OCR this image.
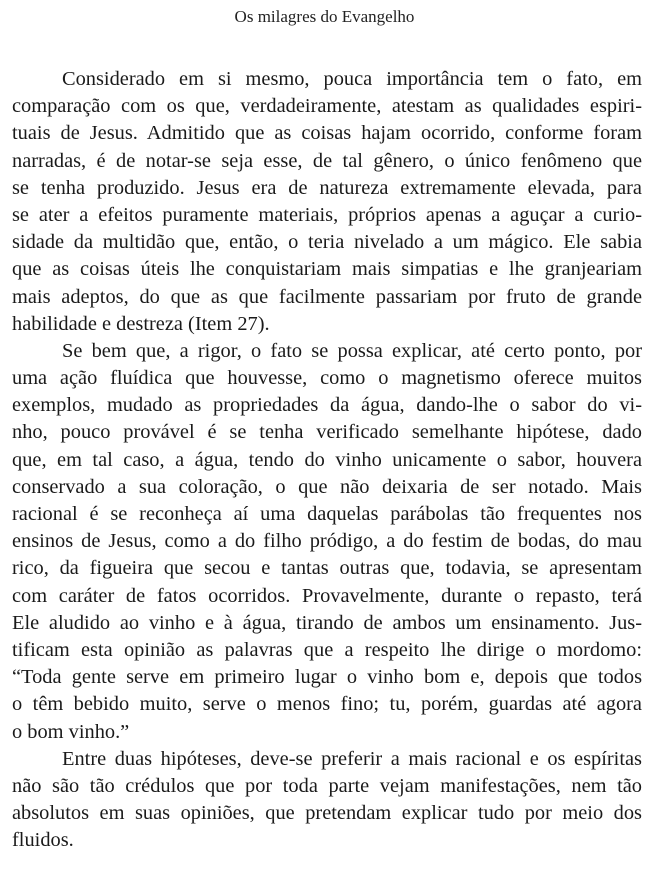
Os milagres do Evangelho
Considerado em si mesmo, pouca importância tem o fato, em
comparação com os que, verdadeiramente, atestam as qualidades espiri-
tuais de Jesus. Admitido que as coisas hajam ocorrido, conforme foram
narradas, é de notar-se seja esse, de tal gênero, o único fenômeno que
se tenha produzido. Jesus era de natureza extremamente elevada, para
se ater a efeitos puramente materiais, próprios apenas a aguçar a curio-
sidade da multidão que, então, o teria nivelado a um mágico. Ele sabia
que as coisas úteis lhe conquistariam mais simpatias e lhe granjeariam
mais adeptos, do que as que facilmente passariam por fruto de grande
habilidade e destreza (Item 27).
Se bem que, a rigor, o fato se possa explicar, até certo ponto, por
uma ação fluídica que houvesse, como o magnetismo oferece muitos
exemplos, mudado as propriedades da água, dando-lhe o sabor do vi-
nho, pouco provável é se tenha verificado semelhante hipótese, dado
que, em tal caso, a água, tendo do vinho unicamente o sabor, houvera
conservado a sua coloração, o que não deixaria de ser notado. Mais
racional é se reconheça aí uma daquelas parábolas tão frequentes nos
ensinos de Jesus, como a do filho pródigo, a do festim de bodas, do mau
rico, da figueira que secou e tantas outras que, todavia, se apresentam
com caráter de fatos ocorridos. Provavelmente, durante o repasto, terá
Ele aludido ao vinho e à água, tirando de ambos um ensinamento. Jus-
tificam esta opinião as palavras que a respeito lhe dirige o mordomo:
“Toda gente serve em primeiro lugar o vinho bom e, depois que todos
o têm bebido muito, serve o menos fino; tu, porém, guardas até agora
o bom vinho.”
Entre duas hipóteses, deve-se preferir a mais racional e os espíritas
não são tão crédulos que por toda parte vejam manifestações, nem tão
absolutos em suas opiniões, que pretendam explicar tudo por meio dos
fluidos.
